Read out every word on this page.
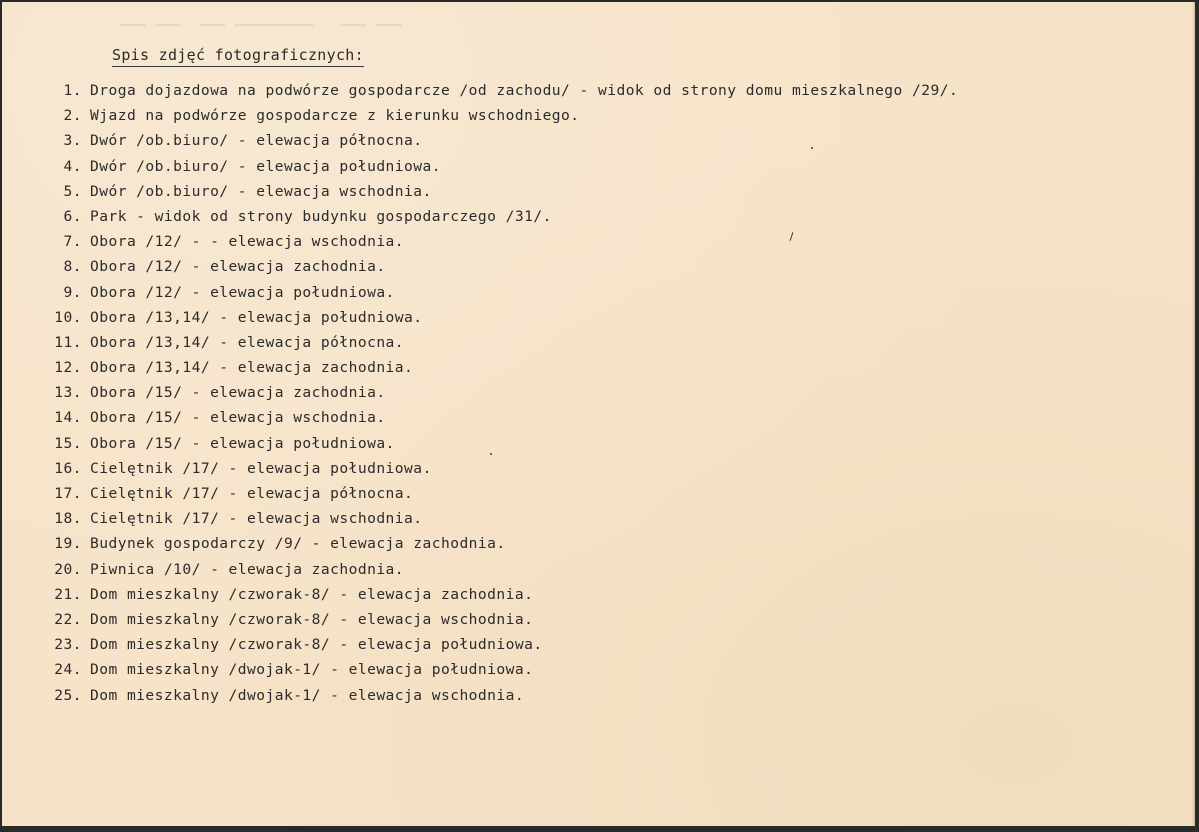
▁▁▁ ▁▁▁  ▁▁▁ ▁▁▁▁▁▁▁▁▁   ▁▁▁ ▁▁▁
Spis zdjęć fotograficznych:
1. Droga dojazdowa na podwórze gospodarcze /od zachodu/ - widok od strony domu mieszkalnego /29/.
2. Wjazd na podwórze gospodarcze z kierunku wschodniego.
3. Dwór /ob.biuro/ - elewacja północna.
4. Dwór /ob.biuro/ - elewacja południowa.
5. Dwór /ob.biuro/ - elewacja wschodnia.
6. Park - widok od strony budynku gospodarczego /31/.
7. Obora /12/ - - elewacja wschodnia.
8. Obora /12/ - elewacja zachodnia.
9. Obora /12/ - elewacja południowa.
10. Obora /13,14/ - elewacja południowa.
11. Obora /13,14/ - elewacja północna.
12. Obora /13,14/ - elewacja zachodnia.
13. Obora /15/ - elewacja zachodnia.
14. Obora /15/ - elewacja wschodnia.
15. Obora /15/ - elewacja południowa.
16. Cielętnik /17/ - elewacja południowa.
17. Cielętnik /17/ - elewacja północna.
18. Cielętnik /17/ - elewacja wschodnia.
19. Budynek gospodarczy /9/ - elewacja zachodnia.
20. Piwnica /10/ - elewacja zachodnia.
21. Dom mieszkalny /czworak-8/ - elewacja zachodnia.
22. Dom mieszkalny /czworak-8/ - elewacja wschodnia.
23. Dom mieszkalny /czworak-8/ - elewacja południowa.
24. Dom mieszkalny /dwojak-1/ - elewacja południowa.
25. Dom mieszkalny /dwojak-1/ - elewacja wschodnia.
